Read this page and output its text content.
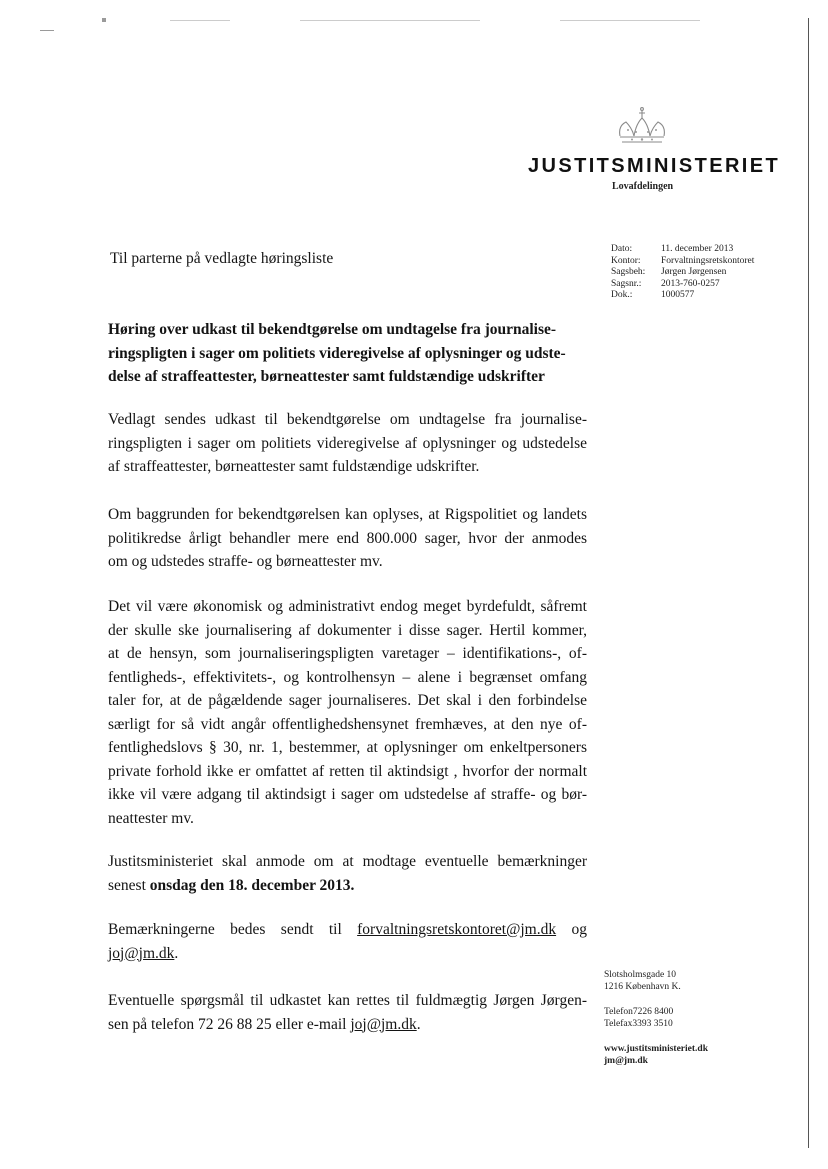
JUSTITSMINISTERIET
Lovafdelingen
Til parterne på vedlagte høringsliste
Dato:	11. december 2013
Kontor:	Forvaltningsretskontoret
Sagsbeh:	Jørgen Jørgensen
Sagsnr.:	2013-760-0257
Dok.:	1000577
Høring over udkast til bekendtgørelse om undtagelse fra journalise-
ringspligten i sager om politiets videregivelse af oplysninger og udste-
delse af straffeattester, børneattester samt fuldstændige udskrifter
Vedlagt sendes udkast til bekendtgørelse om undtagelse fra journalise-
ringspligten i sager om politiets videregivelse af oplysninger og udstedelse
af straffeattester, børneattester samt fuldstændige udskrifter.
Om baggrunden for bekendtgørelsen kan oplyses, at Rigspolitiet og landets
politikredse årligt behandler mere end 800.000 sager, hvor der anmodes
om og udstedes straffe- og børneattester mv.
Det vil være økonomisk og administrativt endog meget byrdefuldt, såfremt
der skulle ske journalisering af dokumenter i disse sager. Hertil kommer,
at de hensyn, som journaliseringspligten varetager – identifikations-, of-
fentligheds-, effektivitets-, og kontrolhensyn – alene i begrænset omfang
taler for, at de pågældende sager journaliseres. Det skal i den forbindelse
særligt for så vidt angår offentlighedshensynet fremhæves, at den nye of-
fentlighedslovs § 30, nr. 1, bestemmer, at oplysninger om enkeltpersoners
private forhold ikke er omfattet af retten til aktindsigt , hvorfor der normalt
ikke vil være adgang til aktindsigt i sager om udstedelse af straffe- og bør-
neattester mv.
Justitsministeriet skal anmode om at modtage eventuelle bemærkninger
senest onsdag den 18. december 2013.
Bemærkningerne bedes sendt til forvaltningsretskontoret@jm.dk og
joj@jm.dk.
Eventuelle spørgsmål til udkastet kan rettes til fuldmægtig Jørgen Jørgen-
sen på telefon 72 26 88 25 eller e-mail joj@jm.dk.
Slotsholmsgade 10
1216 København K.
Telefon7226 8400
Telefax3393 3510
www.justitsministeriet.dk
jm@jm.dk
